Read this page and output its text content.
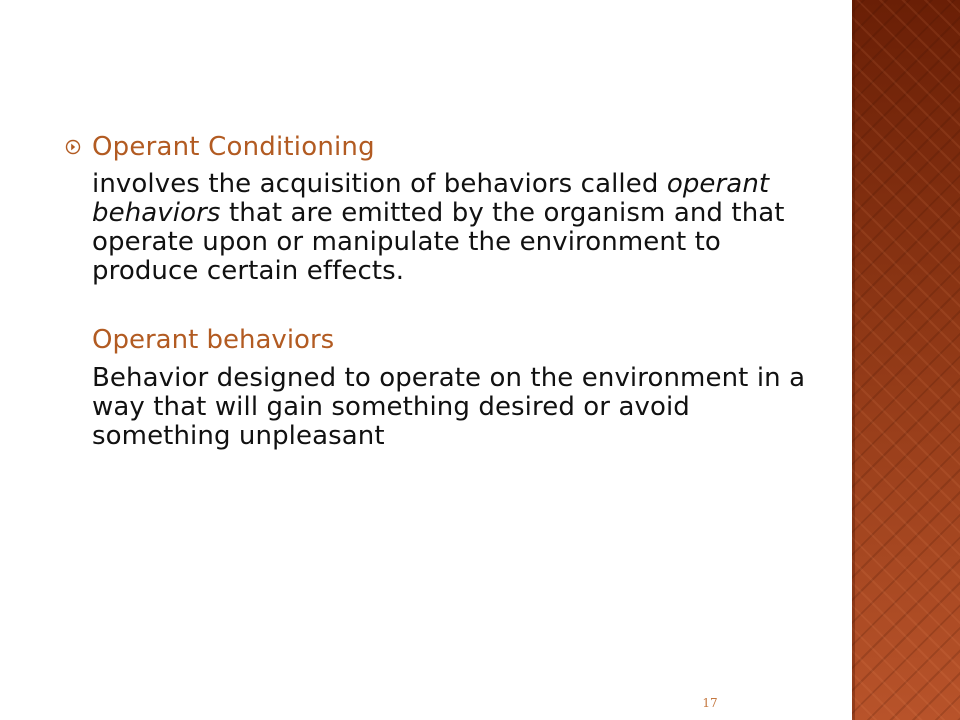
Operant Conditioning
involves the acquisition of behaviors called operant behaviors that are emitted by the organism and that operate upon or manipulate the environment to produce certain effects.
Operant behaviors
Behavior designed to operate on the environment in a way that will gain something desired or avoid something unpleasant
17
